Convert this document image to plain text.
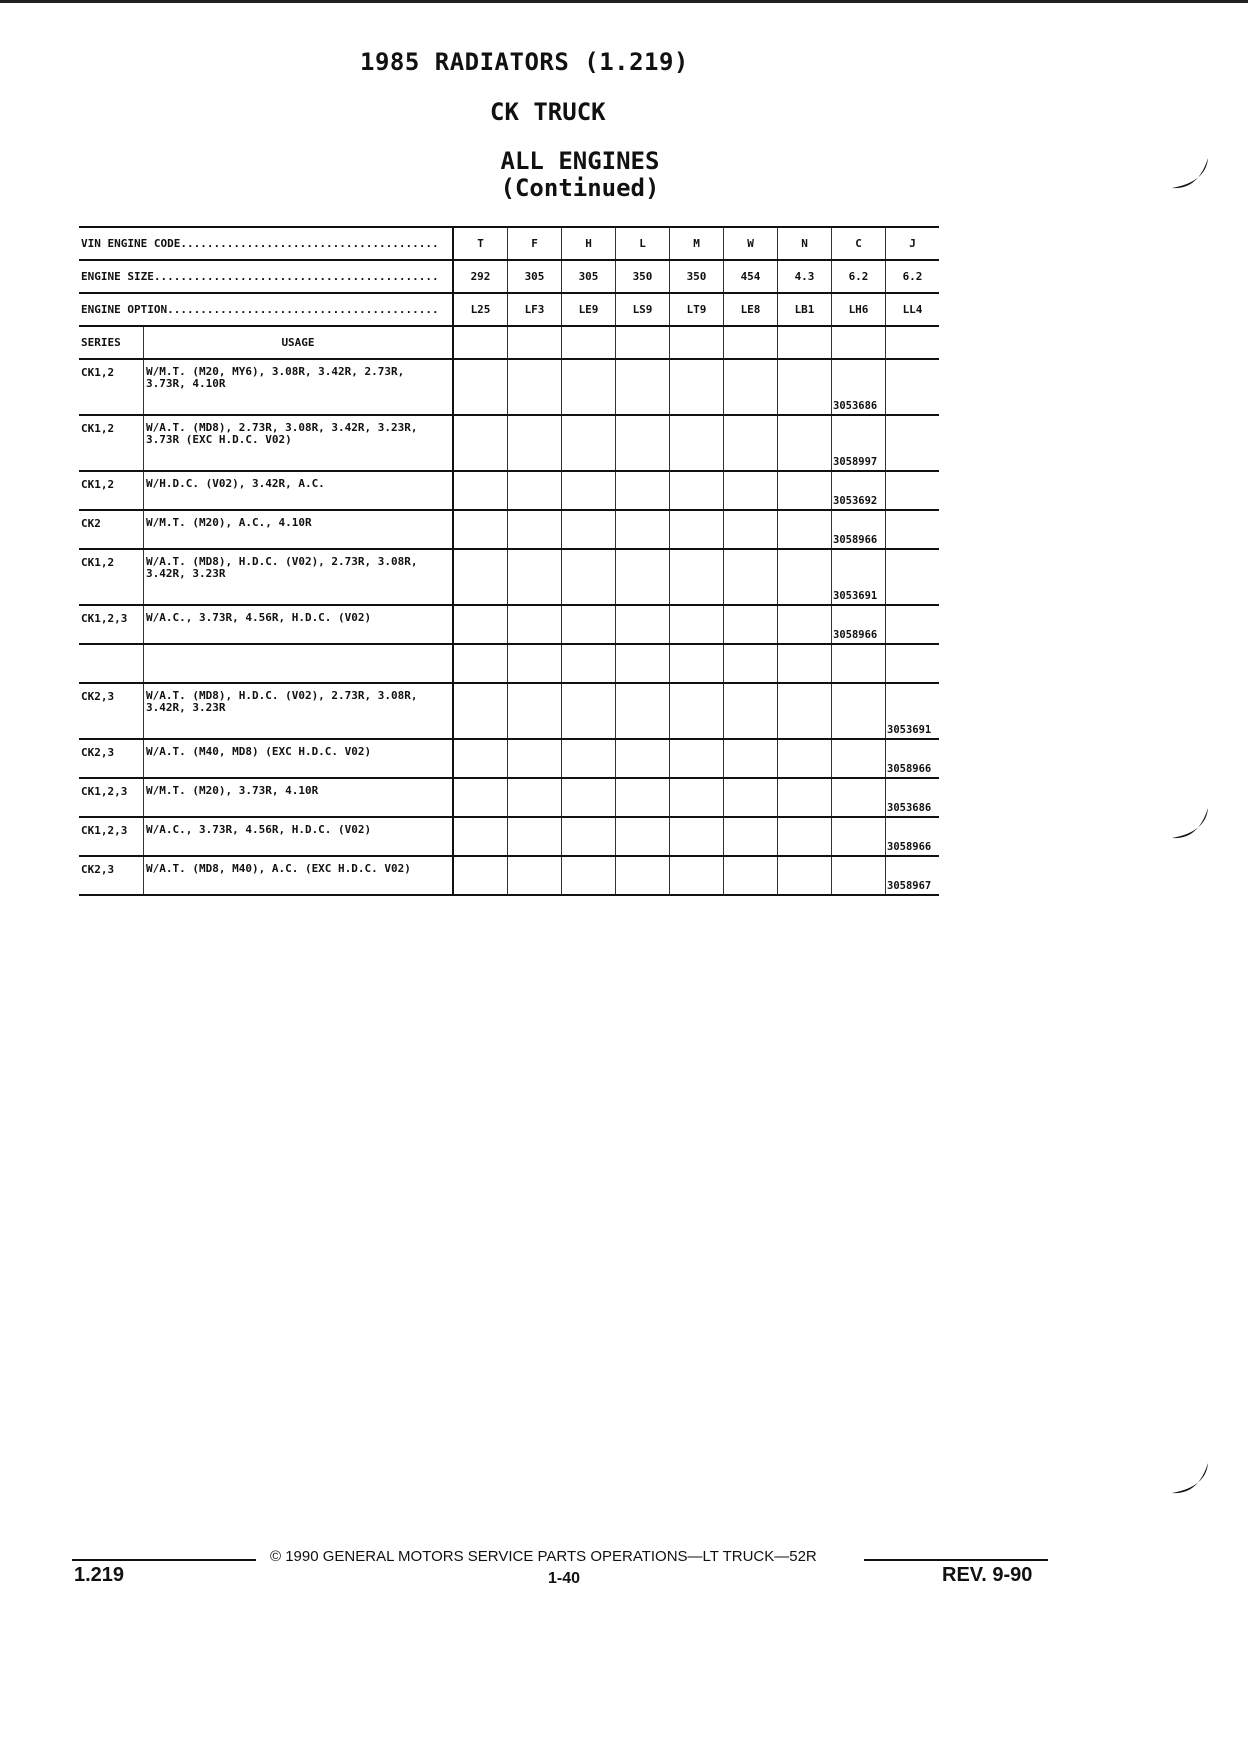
1985 RADIATORS (1.219)
CK TRUCK
ALL ENGINES
(Continued)
VIN ENGINE CODE.......................................		T	F	H	L	M	W	N	C	J
ENGINE SIZE...........................................		292	305	305	350	350	454	4.3	6.2	6.2
ENGINE OPTION.........................................		L25	LF3	LE9	LS9	LT9	LE8	LB1	LH6	LL4
SERIES	USAGE									
CK1,2	W/M.T. (M20, MY6), 3.08R, 3.42R, 2.73R, 3.73R, 4.10R								3053686	
CK1,2	W/A.T. (MD8), 2.73R, 3.08R, 3.42R, 3.23R, 3.73R (EXC H.D.C. V02)								3058997	
CK1,2	W/H.D.C. (V02), 3.42R, A.C.								3053692	
CK2	W/M.T. (M20), A.C., 4.10R								3058966	
CK1,2	W/A.T. (MD8), H.D.C. (V02), 2.73R, 3.08R, 3.42R, 3.23R								3053691	
CK1,2,3	W/A.C., 3.73R, 4.56R, H.D.C. (V02)								3058966	

CK2,3	W/A.T. (MD8), H.D.C. (V02), 2.73R, 3.08R, 3.42R, 3.23R									3053691
CK2,3	W/A.T. (M40, MD8) (EXC H.D.C. V02)									3058966
CK1,2,3	W/M.T. (M20), 3.73R, 4.10R									3053686
CK1,2,3	W/A.C., 3.73R, 4.56R, H.D.C. (V02)									3058966
CK2,3	W/A.T. (MD8, M40), A.C. (EXC H.D.C. V02)									3058967
© 1990 GENERAL MOTORS SERVICE PARTS OPERATIONS—LT TRUCK—52R
1.219	1-40	REV. 9-90
